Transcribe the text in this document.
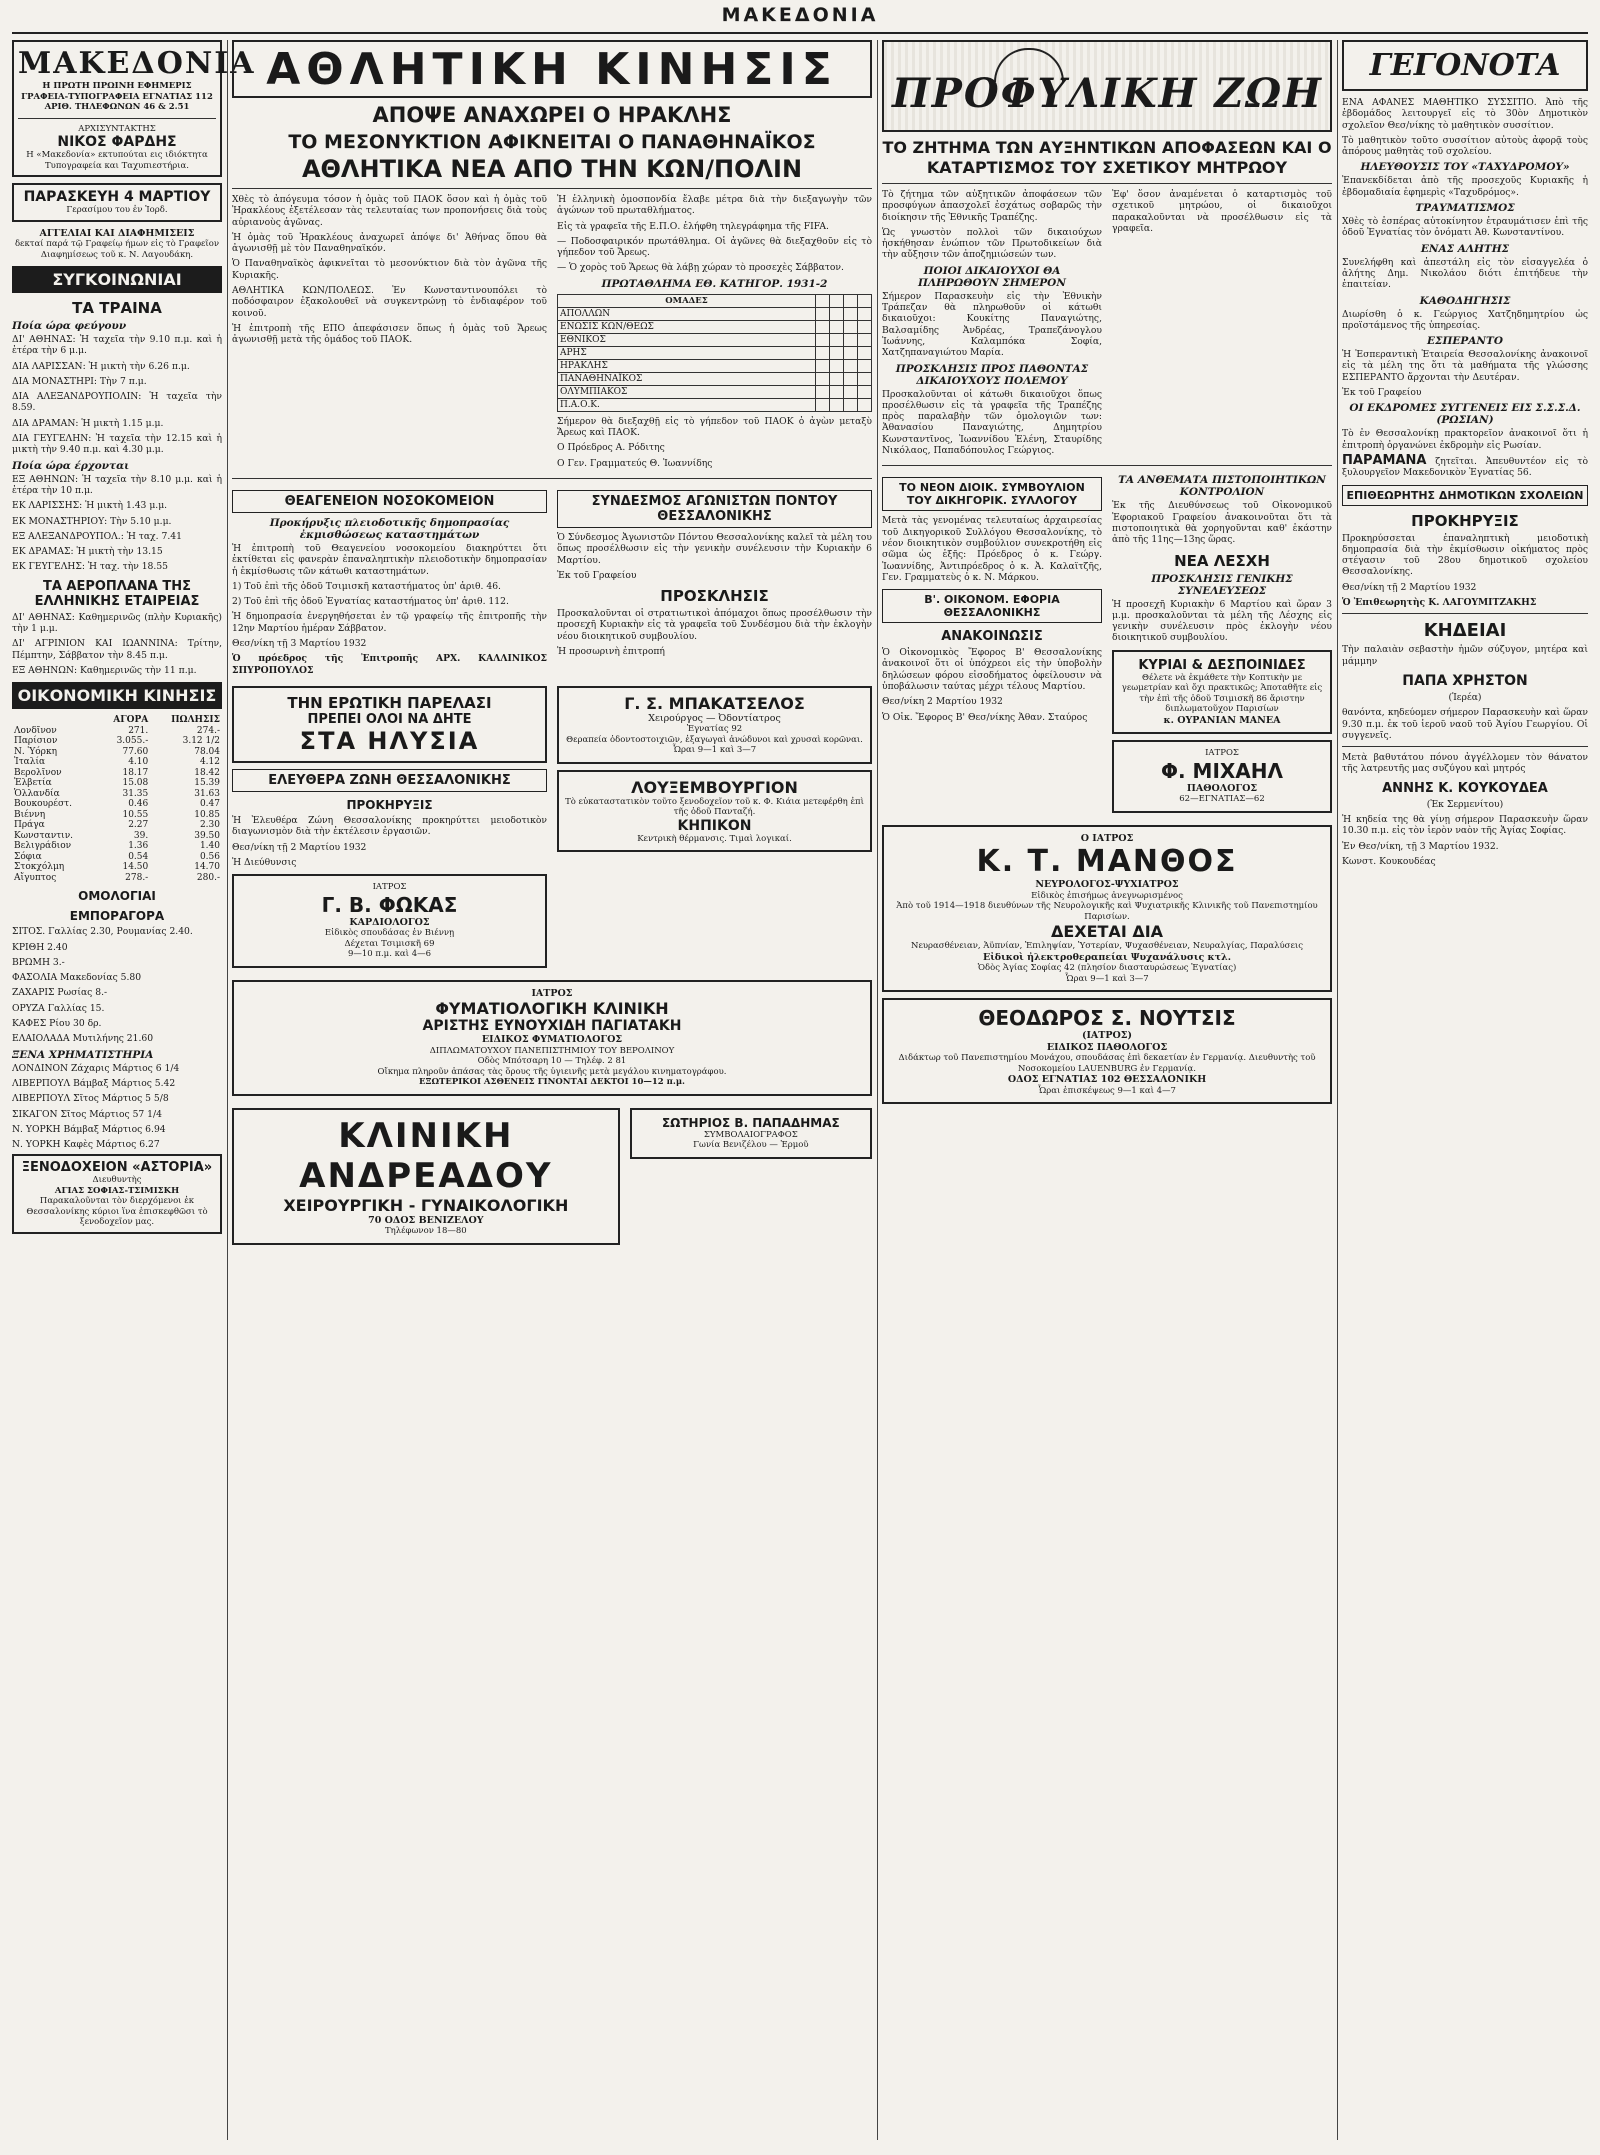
ΜΑΚΕΔΟΝΙΑ
ΜΑΚΕΔΟΝΙΑ
Η ΠΡΩΤΗ ΠΡΩΙΝΗ ΕΦΗΜΕΡΙΣ
ΓΡΑΦΕΙΑ-ΤΥΠΟΓΡΑΦΕΙΑ ΕΓΝΑΤΙΑΣ 112
ΑΡΙΘ. ΤΗΛΕΦΩΝΩΝ 46 & 2.51
ΑΡΧΙΣΥΝΤΑΚΤΗΣ
ΝΙΚΟΣ ΦΑΡΔΗΣ
Η «Μακεδονία» εκτυπούται εις ιδιόκτητα Τυπογραφεία και Ταχυπιεστήρια.
ΠΑΡΑΣΚΕΥΗ 4 ΜΑΡΤΙΟΥ
Γερασίμου του ἐν Ἰορδ.
ΑΓΓΕΛΙΑΙ ΚΑΙ ΔΙΑΦΗΜΙΣΕΙΣ
δεκταί παρά τῷ Γραφείῳ ήμων εἰς τὸ Γραφεῖον Διαφημίσεως τοῦ κ. Ν. Λαγουδάκη.
ΣΥΓΚΟΙΝΩΝΙΑΙ
ΤΑ ΤΡΑΙΝΑ
Ποία ώρα φεύγουν
ΔΙ' ΑΘΗΝΑΣ: Ἡ ταχεῖα τὴν 9.10 π.μ. καὶ ἡ ἑτέρα τὴν 6 μ.μ.
ΔΙΑ ΛΑΡΙΣΣΑΝ: Ἡ μικτὴ τὴν 6.26 π.μ.
ΔΙΑ ΜΟΝΑΣΤΗΡΙ: Τὴν 7 π.μ.
ΔΙΑ ΑΛΕΞΑΝΔΡΟΥΠΟΛΙΝ: Ἡ ταχεῖα τὴν 8.59.
ΔΙΑ ΔΡΑΜΑΝ: Ἡ μικτὴ 1.15 μ.μ.
ΔΙΑ ΓΕΥΓΕΛΗΝ: Ἡ ταχεῖα τὴν 12.15 καὶ ἡ μικτὴ τὴν 9.40 π.μ. καὶ 4.30 μ.μ.
Ποία ώρα έρχονται
ΕΞ ΑΘΗΝΩΝ: Ἡ ταχεῖα τὴν 8.10 μ.μ. καὶ ἡ ἑτέρα τὴν 10 π.μ.
ΕΚ ΛΑΡΙΣΣΗΣ: Ἡ μικτὴ 1.43 μ.μ.
ΕΚ ΜΟΝΑΣΤΗΡΙΟΥ: Τὴν 5.10 μ.μ.
ΕΞ ΑΛΕΞΑΝΔΡΟΥΠΟΛ.: Ἡ ταχ. 7.41
ΕΚ ΔΡΑΜΑΣ: Ἡ μικτὴ τὴν 13.15
ΕΚ ΓΕΥΓΕΛΗΣ: Ἡ ταχ. τὴν 18.55
ΤΑ ΑΕΡΟΠΛΑΝΑ ΤΗΣ ΕΛΛΗΝΙΚΗΣ ΕΤΑΙΡΕΙΑΣ
ΔΙ' ΑΘΗΝΑΣ: Καθημερινῶς (πλὴν Κυριακῆς) τὴν 1 μ.μ.
ΔΙ' ΑΓΡΙΝΙΟΝ ΚΑΙ ΙΩΑΝΝΙΝΑ: Τρίτην, Πέμπτην, Σάββατον τὴν 8.45 π.μ.
ΕΞ ΑΘΗΝΩΝ: Καθημερινῶς τὴν 11 π.μ.
ΟΙΚΟΝΟΜΙΚΗ ΚΙΝΗΣΙΣ
	ΑΓΟΡΑ	ΠΩΛΗΣΙΣ
Λονδῖνον	271.	274.-
Παρίσιον	3.055.-	3.12 1/2
Ν. Ὑόρκη	77.60	78.04
Ἰταλία	4.10	4.12
Βερολῖνον	18.17	18.42
Ἑλβετία	15.08	15.39
Ὁλλανδία	31.35	31.63
Βουκουρέστ.	0.46	0.47
Βιέννη	10.55	10.85
Πράγα	2.27	2.30
Κωνσταντιν.	39.	39.50
Βελιγράδιον	1.36	1.40
Σόφια	0.54	0.56
Στοκχόλμη	14.50	14.70
Αἴγυπτος	278.-	280.-
ΟΜΟΛΟΓΙΑΙ
ΕΜΠΟΡΑΓΟΡΑ
ΣΙΤΟΣ. Γαλλίας 2.30, Ρουμανίας 2.40.
ΚΡΙΘΗ 2.40
ΒΡΩΜΗ 3.-
ΦΑΣΟΛΙΑ Μακεδονίας 5.80
ΖΑΧΑΡΙΣ Ρωσίας 8.-
ΟΡΥΖΑ Γαλλίας 15.
ΚΑΦΕΣ Ρίου 30 δρ.
ΕΛΑΙΟΛΑΔΑ Μυτιλήνης 21.60
ΞΕΝΑ ΧΡΗΜΑΤΙΣΤΗΡΙΑ
ΛΟΝΔΙΝΟΝ Ζάχαρις Μάρτιος 6 1/4
ΛΙΒΕΡΠΟΥΛ Βάμβαξ Μάρτιος 5.42
ΛΙΒΕΡΠΟΥΛ Σῖτος Μάρτιος 5 5/8
ΣΙΚΑΓΟΝ Σῖτος Μάρτιος 57 1/4
Ν. ΥΟΡΚΗ Βάμβαξ Μάρτιος 6.94
Ν. ΥΟΡΚΗ Καφὲς Μάρτιος 6.27
ΞΕΝΟΔΟΧΕΙΟΝ «ΑΣΤΟΡΙΑ»
Διευθυντὴς
ΑΓΙΑΣ ΣΟΦΙΑΣ-ΤΣΙΜΙΣΚΗ
Παρακαλοῦνται τὸν διερχόμενοι ἐκ Θεσσαλονίκης κύριοι ἵνα ἐπισκεφθῶσι τὸ ξενοδοχεῖον μας.
ΑΘΛΗΤΙΚΗ ΚΙΝΗΣΙΣ
ΑΠΟΨΕ ΑΝΑΧΩΡΕΙ Ο ΗΡΑΚΛΗΣ
ΤΟ ΜΕΣΟΝΥΚΤΙΟΝ ΑΦΙΚΝΕΙΤΑΙ Ο ΠΑΝΑΘΗΝΑΪΚΟΣ
ΑΘΛΗΤΙΚΑ ΝΕΑ ΑΠΟ ΤΗΝ ΚΩΝ/ΠΟΛΙΝ
Χθὲς τὸ ἀπόγευμα τόσον ἡ ὁμὰς τοῦ ΠΑΟΚ ὅσον καὶ ἡ ὁμὰς τοῦ Ἡρακλέους ἐξετέλεσαν τὰς τελευταίας των προπονήσεις διὰ τοὺς αὐριανοὺς ἀγῶνας.
Ἡ ὁμὰς τοῦ Ἡρακλέους ἀναχωρεῖ ἀπόψε δι' Ἀθήνας ὅπου θὰ ἀγωνισθῇ μὲ τὸν Παναθηναϊκόν.
Ὁ Παναθηναϊκὸς ἀφικνεῖται τὸ μεσονύκτιον διὰ τὸν ἀγῶνα τῆς Κυριακῆς.
ΑΘΛΗΤΙΚΑ ΚΩΝ/ΠΟΛΕΩΣ. Ἐν Κωνσταντινουπόλει τὸ ποδόσφαιρον ἐξακολουθεῖ νὰ συγκεντρώνῃ τὸ ἐνδιαφέρον τοῦ κοινοῦ.
Ἡ ἐπιτροπὴ τῆς ΕΠΟ ἀπεφάσισεν ὅπως ἡ ὁμὰς τοῦ Ἄρεως ἀγωνισθῇ μετὰ τῆς ὁμάδος τοῦ ΠΑΟΚ.
Ἡ ἑλληνικὴ ὁμοσπονδία ἔλαβε μέτρα διὰ τὴν διεξαγωγὴν τῶν ἀγώνων τοῦ πρωταθλήματος.
Εἰς τὰ γραφεῖα τῆς Ε.Π.Ο. ἐλήφθη τηλεγράφημα τῆς FIFA.
— Ποδοσφαιρικόν πρωτάθλημα. Οἱ ἀγῶνες θὰ διεξαχθοῦν εἰς τὸ γήπεδον τοῦ Ἄρεως.
— Ὁ χορὸς τοῦ Ἄρεως θὰ λάβῃ χώραν τὸ προσεχὲς Σάββατον.
ΠΡΩΤΑΘΛΗΜΑ ΕΘ. ΚΑΤΗΓΟΡ. 1931-2
ΟΜΑΔΕΣ				
ΑΠΟΛΛΩΝ				
ΕΝΩΣΙΣ ΚΩΝ/ΘΕΩΣ				
ΕΘΝΙΚΟΣ				
ΑΡΗΣ				
ΗΡΑΚΛΗΣ				
ΠΑΝΑΘΗΝΑΪΚΟΣ				
ΟΛΥΜΠΙΑΚΟΣ				
Π.Α.Ο.Κ.				
Σήμερον θὰ διεξαχθῇ εἰς τὸ γήπεδον τοῦ ΠΑΟΚ ὁ ἀγὼν μεταξὺ Ἄρεως καὶ ΠΑΟΚ.
Ο Πρόεδρος Α. Ρόδιτης
Ο Γεν. Γραμματεύς Θ. Ἰωαννίδης
ΘΕΑΓΕΝΕΙΟΝ ΝΟΣΟΚΟΜΕΙΟΝ
Προκήρυξις πλειοδοτικῆς δημοπρασίας ἐκμισθώσεως καταστημάτων
Ἡ ἐπιτροπὴ τοῦ Θεαγενείου νοσοκομείου διακηρύττει ὅτι ἐκτίθεται εἰς φανερὰν ἐπαναληπτικὴν πλειοδοτικὴν δημοπρασίαν ἡ ἐκμίσθωσις τῶν κάτωθι καταστημάτων.
1) Τοῦ ἐπὶ τῆς ὁδοῦ Τσιμισκῆ καταστήματος ὑπ' ἀριθ. 46.
2) Τοῦ ἐπὶ τῆς ὁδοῦ Ἐγνατίας καταστήματος ὑπ' ἀριθ. 112.
Ἡ δημοπρασία ἐνεργηθήσεται ἐν τῷ γραφείῳ τῆς ἐπιτροπῆς τὴν 12ην Μαρτίου ἡμέραν Σάββατον.
Θεσ/νίκη τῇ 3 Μαρτίου 1932
Ὁ πρόεδρος τῆς Ἐπιτροπῆς ΑΡΧ. ΚΑΛΛΙΝΙΚΟΣ ΣΠΥΡΟΠΟΥΛΟΣ
ΣΥΝΔΕΣΜΟΣ ΑΓΩΝΙΣΤΩΝ ΠΟΝΤΟΥ ΘΕΣΣΑΛΟΝΙΚΗΣ
Ὁ Σύνδεσμος Ἀγωνιστῶν Πόντου Θεσσαλονίκης καλεῖ τὰ μέλη του ὅπως προσέλθωσιν εἰς τὴν γενικὴν συνέλευσιν τὴν Κυριακὴν 6 Μαρτίου.
Ἐκ τοῦ Γραφείου
ΠΡΟΣΚΛΗΣΙΣ
Προσκαλοῦνται οἱ στρατιωτικοὶ ἀπόμαχοι ὅπως προσέλθωσιν τὴν προσεχῆ Κυριακὴν εἰς τὰ γραφεῖα τοῦ Συνδέσμου διὰ τὴν ἐκλογὴν νέου διοικητικοῦ συμβουλίου.
Ἡ προσωρινὴ ἐπιτροπή
ΤΗΝ ΕΡΩΤΙΚΗ ΠΑΡΕΛΑΣΙ
ΠΡΕΠΕΙ ΟΛΟΙ ΝΑ ΔΗΤΕ
ΣΤΑ ΗΛΥΣΙΑ
ΕΛΕΥΘΕΡΑ ΖΩΝΗ ΘΕΣΣΑΛΟΝΙΚΗΣ
ΠΡΟΚΗΡΥΞΙΣ
Ἡ Ἐλευθέρα Ζώνη Θεσσαλονίκης προκηρύττει μειοδοτικὸν διαγωνισμὸν διὰ τὴν ἐκτέλεσιν ἐργασιῶν.
Θεσ/νίκη τῇ 2 Μαρτίου 1932
Ἡ Διεύθυνσις
ΙΑΤΡΟΣ
Γ. Β. ΦΩΚΑΣ
ΚΑΡΔΙΟΛΟΓΟΣ
Εἰδικὸς σπουδάσας ἐν Βιέννῃ
Δέχεται Τσιμισκῆ 69
9—10 π.μ. καὶ 4—6
Γ. Σ. ΜΠΑΚΑΤΣΕΛΟΣ
Χειρούργος — Ὀδοντίατρος
Ἐγνατίας 92
Θεραπεία ὀδοντοστοιχιῶν, ἐξαγωγαὶ ἀνώδυνοι καὶ χρυσαὶ κορῶναι.
Ὧραι 9—1 καὶ 3—7
ΛΟΥΞΕΜΒΟΥΡΓΙΟΝ
Τὸ εὐκαταστατικὸν τοῦτο ξενοδοχεῖον τοῦ κ. Φ. Κιάια μετεφέρθη ἐπὶ τῆς ὁδοῦ Πανταζή.
ΚΗΠΙΚΟΝ
Κεντρικὴ θέρμανσις. Τιμαὶ λογικαί.
ΙΑΤΡΟΣ
ΦΥΜΑΤΙΟΛΟΓΙΚΗ ΚΛΙΝΙΚΗ
ΑΡΙΣΤΗΣ ΕΥΝΟΥΧΙΔΗ ΠΑΓΙΑΤΑΚΗ
ΕΙΔΙΚΟΣ ΦΥΜΑΤΙΟΛΟΓΟΣ
ΔΙΠΛΩΜΑΤΟΥΧΟΥ ΠΑΝΕΠΙΣΤΗΜΙΟΥ ΤΟΥ ΒΕΡΟΛΙΝΟΥ
Οδὸς Μπότσαρη 10 — Τηλέφ. 2 81
Οἴκημα πληροῦν ἁπάσας τὰς ὅρους τῆς ὑγιεινῆς μετὰ μεγάλου κινηματογράφου.
ΕΞΩΤΕΡΙΚΟΙ ΑΣΘΕΝΕΙΣ ΓΙΝΟΝΤΑΙ ΔΕΚΤΟΙ 10—12 π.μ.
ΚΛΙΝΙΚΗ ΑΝΔΡΕΑΔΟΥ
ΧΕΙΡΟΥΡΓΙΚΗ - ΓΥΝΑΙΚΟΛΟΓΙΚΗ
70 ΟΔΟΣ ΒΕΝΙΖΕΛΟΥ
Τηλέφωνον 18—80
ΣΩΤΗΡΙΟΣ Β. ΠΑΠΑΔΗΜΑΣ
ΣΥΜΒΟΛΑΙΟΓΡΑΦΟΣ
Γωνία Βενιζέλου — Ἑρμοῦ
ΠΡΟΦΥΛΙΚΗ ΖΩΗ
ΤΟ ΖΗΤΗΜΑ ΤΩΝ ΑΥΞΗΝΤΙΚΩΝ ΑΠΟΦΑΣΕΩΝ ΚΑΙ Ο ΚΑΤΑΡΤΙΣΜΟΣ ΤΟΥ ΣΧΕΤΙΚΟΥ ΜΗΤΡΩΟΥ
Τὸ ζήτημα τῶν αὐξητικῶν ἀποφάσεων τῶν προσφύγων ἀπασχολεῖ ἐσχάτως σοβαρῶς τὴν διοίκησιν τῆς Ἐθνικῆς Τραπέζης.
Ὡς γνωστὸν πολλοὶ τῶν δικαιούχων ἠσκήθησαν ἐνώπιον τῶν Πρωτοδικείων διὰ τὴν αὔξησιν τῶν ἀποζημιώσεών των.
ΠΟΙΟΙ ΔΙΚΑΙΟΥΧΟΙ ΘΑ ΠΛΗΡΩΘΟΥΝ ΣΗΜΕΡΟΝ
Σήμερον Παρασκευὴν εἰς τὴν Ἐθνικὴν Τράπεζαν θὰ πληρωθοῦν οἱ κάτωθι δικαιοῦχοι: Κουκίτης Παναγιώτης, Βαλσαμίδης Ἀνδρέας, Τραπεζάνογλου Ἰωάννης, Καλαμπόκα Σοφία, Χατζηπαναγιώτου Μαρία.
ΠΡΟΣΚΛΗΣΙΣ ΠΡΟΣ ΠΑΘΟΝΤΑΣ ΔΙΚΑΙΟΥΧΟΥΣ ΠΟΛΕΜΟΥ
Προσκαλοῦνται οἱ κάτωθι δικαιοῦχοι ὅπως προσέλθωσιν εἰς τὰ γραφεῖα τῆς Τραπέζης πρὸς παραλαβὴν τῶν ὁμολογιῶν των: Ἀθανασίου Παναγιώτης, Δημητρίου Κωνσταντῖνος, Ἰωαννίδου Ἑλένη, Σταυρίδης Νικόλαος, Παπαδόπουλος Γεώργιος.
Ἐφ' ὅσον ἀναμένεται ὁ καταρτισμὸς τοῦ σχετικοῦ μητρώου, οἱ δικαιοῦχοι παρακαλοῦνται νὰ προσέλθωσιν εἰς τὰ γραφεῖα.
ΤΟ ΝΕΟΝ ΔΙΟΙΚ. ΣΥΜΒΟΥΛΙΟΝ ΤΟΥ ΔΙΚΗΓΟΡΙΚ. ΣΥΛΛΟΓΟΥ
Μετὰ τὰς γενομένας τελευταίως ἀρχαιρεσίας τοῦ Δικηγορικοῦ Συλλόγου Θεσσαλονίκης, τὸ νέον διοικητικὸν συμβούλιον συνεκροτήθη εἰς σῶμα ὡς ἑξῆς: Πρόεδρος ὁ κ. Γεώργ. Ἰωαννίδης, Ἀντιπρόεδρος ὁ κ. Ἀ. Καλαϊτζῆς, Γεν. Γραμματεὺς ὁ κ. Ν. Μάρκου.
Β'. ΟΙΚΟΝΟΜ. ΕΦΟΡΙΑ ΘΕΣΣΑΛΟΝΙΚΗΣ
ΑΝΑΚΟΙΝΩΣΙΣ
Ὁ Οἰκονομικὸς Ἔφορος Β' Θεσσαλονίκης ἀνακοινοῖ ὅτι οἱ ὑπόχρεοι εἰς τὴν ὑποβολὴν δηλώσεων φόρου εἰσοδήματος ὀφείλουσιν νὰ ὑποβάλωσιν ταύτας μέχρι τέλους Μαρτίου.
Θεσ/νίκη 2 Μαρτίου 1932
Ὁ Οἰκ. Ἔφορος Β' Θεσ/νίκης Ἀθαν. Σταύρος
ΤΑ ΑΝΘΕΜΑΤΑ ΠΙΣΤΟΠΟΙΗΤΙΚΩΝ ΚΟΝΤΡΟΛΙΟΝ
Ἐκ τῆς Διευθύνσεως τοῦ Οἰκονομικοῦ Ἐφοριακοῦ Γραφείου ἀνακοινοῦται ὅτι τὰ πιστοποιητικὰ θὰ χορηγοῦνται καθ' ἑκάστην ἀπὸ τῆς 11ης—13ης ὥρας.
ΝΕΑ ΛΕΣΧΗ
ΠΡΟΣΚΛΗΣΙΣ ΓΕΝΙΚΗΣ ΣΥΝΕΛΕΥΣΕΩΣ
Ἡ προσεχῆ Κυριακὴν 6 Μαρτίου καὶ ὥραν 3 μ.μ. προσκαλοῦνται τὰ μέλη τῆς Λέσχης εἰς γενικὴν συνέλευσιν πρὸς ἐκλογὴν νέου διοικητικοῦ συμβουλίου.
ΚΥΡΙΑΙ & ΔΕΣΠΟΙΝΙΔΕΣ
Θέλετε νὰ ἐκμάθετε τὴν Κοπτικὴν με γεωμετρίαν καὶ ὄχι πρακτικῶς; Ἀποταθῆτε εἰς τὴν ἐπὶ τῆς ὁδοῦ Τσιμισκῆ 86 ἄριστην διπλωματοῦχον Παρισίων
κ. ΟΥΡΑΝΙΑΝ ΜΑΝΕΑ
ΙΑΤΡΟΣ
Φ. ΜΙΧΑΗΛ
ΠΑΘΟΛΟΓΟΣ
62—ΕΓΝΑΤΙΑΣ—62
Ο ΙΑΤΡΟΣ
Κ. Τ. ΜΑΝΘΟΣ
ΝΕΥΡΟΛΟΓΟΣ-ΨΥΧΙΑΤΡΟΣ
Εἰδικὸς ἐπισήμως ἀνεγνωρισμένος
Ἀπὸ τοῦ 1914—1918 διευθύνων τῆς Νευρολογικῆς καὶ Ψυχιατρικῆς Κλινικῆς τοῦ Πανεπιστημίου Παρισίων.
ΔΕΧΕΤΑΙ ΔΙΑ
Νευρασθένειαν, Ἀϋπνίαν, Ἐπιληψίαν, Ὑστερίαν, Ψυχασθένειαν, Νευραλγίας, Παραλύσεις
Εἰδικοὶ ἠλεκτροθεραπείαι Ψυχανάλυσις κτλ.
Ὁδὸς Ἁγίας Σοφίας 42 (πλησίον διασταυρώσεως Ἐγνατίας)
Ὧραι 9—1 καὶ 3—7
ΘΕΟΔΩΡΟΣ Σ. ΝΟΥΤΣΙΣ
(ΙΑΤΡΟΣ)
ΕΙΔΙΚΟΣ ΠΑΘΟΛΟΓΟΣ
Διδάκτωρ τοῦ Πανεπιστημίου Μονάχου, σπουδάσας ἐπὶ δεκαετίαν ἐν Γερμανίᾳ. Διευθυντὴς τοῦ Νοσοκομείου LAUENBURG ἐν Γερμανίᾳ.
ΟΔΟΣ ΕΓΝΑΤΙΑΣ 102 ΘΕΣΣΑΛΟΝΙΚΗ
Ὧραι ἐπισκέψεως 9—1 καὶ 4—7
ΓΕΓΟΝΟΤΑ
ΕΝΑ ΑΦΑΝΕΣ ΜΑΘΗΤΙΚΟ ΣΥΣΣΙΤΙΟ. Ἀπὸ τῆς ἑβδομάδος λειτουργεῖ εἰς τὸ 30ὸν Δημοτικὸν σχολεῖον Θεσ/νίκης τὸ μαθητικὸν συσσίτιον.
Τὸ μαθητικὸν τοῦτο συσσίτιον αὐτοὺς ἀφορᾷ τοὺς ἀπόρους μαθητὰς τοῦ σχολείου.
ΗΛΕΥΘΟΥΣΙΣ ΤΟΥ «ΤΑΧΥΔΡΟΜΟΥ»
Ἐπανεκδίδεται ἀπὸ τῆς προσεχοῦς Κυριακῆς ἡ ἑβδομαδιαία ἐφημερὶς «Ταχυδρόμος».
ΤΡΑΥΜΑΤΙΣΜΟΣ
Χθὲς τὸ ἑσπέρας αὐτοκίνητον ἐτραυμάτισεν ἐπὶ τῆς ὁδοῦ Ἐγνατίας τὸν ὀνόματι Ἀθ. Κωνσταντίνου.
ΕΝΑΣ ΑΛΗΤΗΣ
Συνελήφθη καὶ ἀπεστάλη εἰς τὸν εἰσαγγελέα ὁ ἀλήτης Δημ. Νικολάου διότι ἐπιτήδευε τὴν ἐπαιτείαν.
ΚΑΘΟΔΗΓΗΣΙΣ
Διωρίσθη ὁ κ. Γεώργιος Χατζηδημητρίου ὡς προϊστάμενος τῆς ὑπηρεσίας.
ΕΣΠΕΡΑΝΤΟ
Ἡ Ἐσπεραντικὴ Ἑταιρεία Θεσσαλονίκης ἀνακοινοῖ εἰς τὰ μέλη της ὅτι τὰ μαθήματα τῆς γλώσσης ΕΣΠΕΡΑΝΤΟ ἄρχονται τὴν Δευτέραν.
Ἐκ τοῦ Γραφείου
ΟΙ ΕΚΔΡΟΜΕΣ ΣΥΓΓΕΝΕΙΣ ΕΙΣ Σ.Σ.Σ.Δ. (ΡΩΣΙΑΝ)
Τὸ ἐν Θεσσαλονίκῃ πρακτορεῖον ἀνακοινοῖ ὅτι ἡ ἐπιτροπὴ ὀργανώνει ἐκδρομὴν εἰς Ρωσίαν.
ΠΑΡΑΜΑΝΑ ζητεῖται. Ἀπευθυντέον εἰς τὸ ξυλουργεῖον Μακεδονικὸν Ἐγνατίας 56.
ΕΠΙΘΕΩΡΗΤΗΣ ΔΗΜΟΤΙΚΩΝ ΣΧΟΛΕΙΩΝ
ΠΡΟΚΗΡΥΞΙΣ
Προκηρύσσεται ἐπαναληπτικὴ μειοδοτικὴ δημοπρασία διὰ τὴν ἐκμίσθωσιν οἰκήματος πρὸς στέγασιν τοῦ 28ου δημοτικοῦ σχολείου Θεσσαλονίκης.
Θεσ/νίκη τῇ 2 Μαρτίου 1932
Ὁ Ἐπιθεωρητὴς Κ. ΛΑΓΟΥΜΙΤΖΑΚΗΣ
ΚΗΔΕΙΑΙ
Τὴν παλαιὰν σεβαστὴν ἡμῶν σύζυγον, μητέρα καὶ μάμμην
ΠΑΠΑ ΧΡΗΣΤΟΝ
(Ἱερέα)
θανόντα, κηδεύομεν σήμερον Παρασκευὴν καὶ ὥραν 9.30 π.μ. ἐκ τοῦ ἱεροῦ ναοῦ τοῦ Ἁγίου Γεωργίου. Οἱ συγγενεῖς.
Μετὰ βαθυτάτου πόνου ἀγγέλλομεν τὸν θάνατον τῆς λατρευτῆς μας συζύγου καὶ μητρός
ΑΝΝΗΣ Κ. ΚΟΥΚΟΥΔΕΑ
(Ἐκ Σερμενίτου)
Ἡ κηδεία της θὰ γίνῃ σήμερον Παρασκευὴν ὥραν 10.30 π.μ. εἰς τὸν ἱερὸν ναὸν τῆς Ἁγίας Σοφίας.
Ἐν Θεσ/νίκη, τῇ 3 Μαρτίου 1932.
Κωνστ. Κουκουδέας
